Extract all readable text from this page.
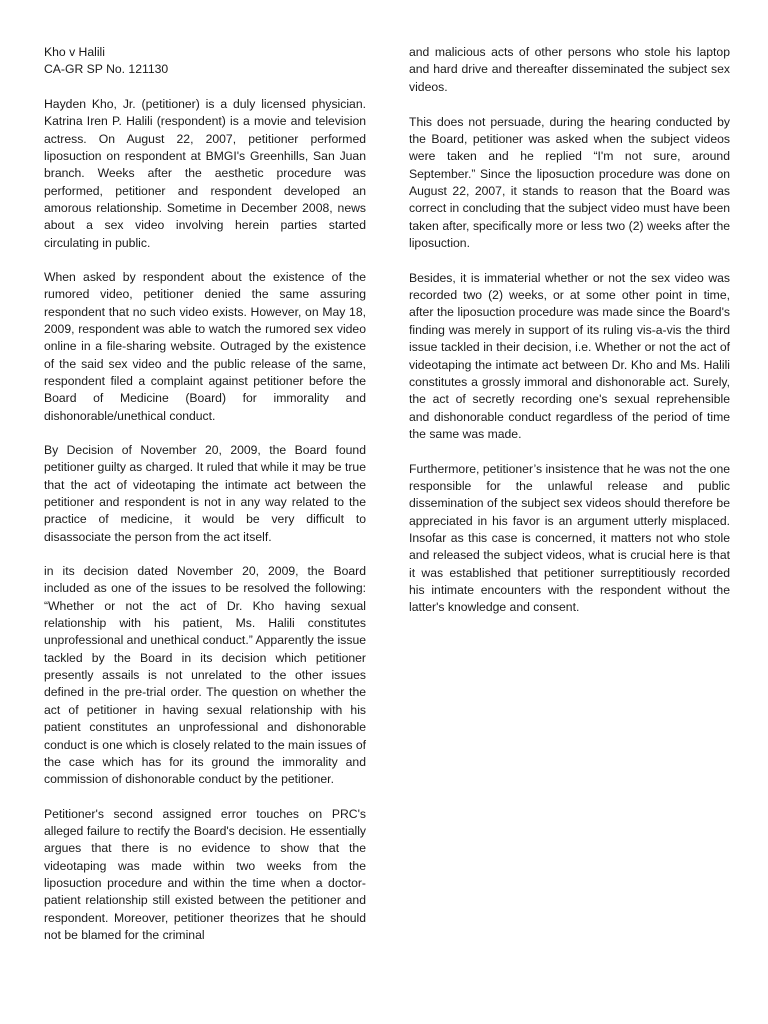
Kho v Halili
CA-GR SP No. 121130

Hayden Kho, Jr. (petitioner) is a duly licensed physician. Katrina Iren P. Halili (respondent) is a movie and television actress. On August 22, 2007, petitioner performed liposuction on respondent at BMGI's Greenhills, San Juan branch. Weeks after the aesthetic procedure was performed, petitioner and respondent developed an amorous relationship. Sometime in December 2008, news about a sex video involving herein parties started circulating in public.

When asked by respondent about the existence of the rumored video, petitioner denied the same assuring respondent that no such video exists. However, on May 18, 2009, respondent was able to watch the rumored sex video online in a file-sharing website. Outraged by the existence of the said sex video and the public release of the same, respondent filed a complaint against petitioner before the Board of Medicine (Board) for immorality and dishonorable/unethical conduct.

By Decision of November 20, 2009, the Board found petitioner guilty as charged. It ruled that while it may be true that the act of videotaping the intimate act between the petitioner and respondent is not in any way related to the practice of medicine, it would be very difficult to disassociate the person from the act itself.

in its decision dated November 20, 2009, the Board included as one of the issues to be resolved the following: “Whether or not the act of Dr. Kho having sexual relationship with his patient, Ms. Halili constitutes unprofessional and unethical conduct.” Apparently the issue tackled by the Board in its decision which petitioner presently assails is not unrelated to the other issues defined in the pre-trial order. The question on whether the act of petitioner in having sexual relationship with his patient constitutes an unprofessional and dishonorable conduct is one which is closely related to the main issues of the case which has for its ground the immorality and commission of dishonorable conduct by the petitioner.

Petitioner's second assigned error touches on PRC's alleged failure to rectify the Board's decision. He essentially argues that there is no evidence to show that the videotaping was made within two weeks from the liposuction procedure and within the time when a doctor-patient relationship still existed between the petitioner and respondent. Moreover, petitioner theorizes that he should not be blamed for the criminal

and malicious acts of other persons who stole his laptop and hard drive and thereafter disseminated the subject sex videos.

This does not persuade, during the hearing conducted by the Board, petitioner was asked when the subject videos were taken and he replied “I'm not sure, around September.” Since the liposuction procedure was done on August 22, 2007, it stands to reason that the Board was correct in concluding that the subject video must have been taken after, specifically more or less two (2) weeks after the liposuction.

Besides, it is immaterial whether or not the sex video was recorded two (2) weeks, or at some other point in time, after the liposuction procedure was made since the Board's finding was merely in support of its ruling vis-a-vis the third issue tackled in their decision, i.e. Whether or not the act of videotaping the intimate act between Dr. Kho and Ms. Halili constitutes a grossly immoral and dishonorable act. Surely, the act of secretly recording one's sexual reprehensible and dishonorable conduct regardless of the period of time the same was made.

Furthermore, petitioner’s insistence that he was not the one responsible for the unlawful release and public dissemination of the subject sex videos should therefore be appreciated in his favor is an argument utterly misplaced. Insofar as this case is concerned, it matters not who stole and released the subject videos, what is crucial here is that it was established that petitioner surreptitiously recorded his intimate encounters with the respondent without the latter's knowledge and consent.
